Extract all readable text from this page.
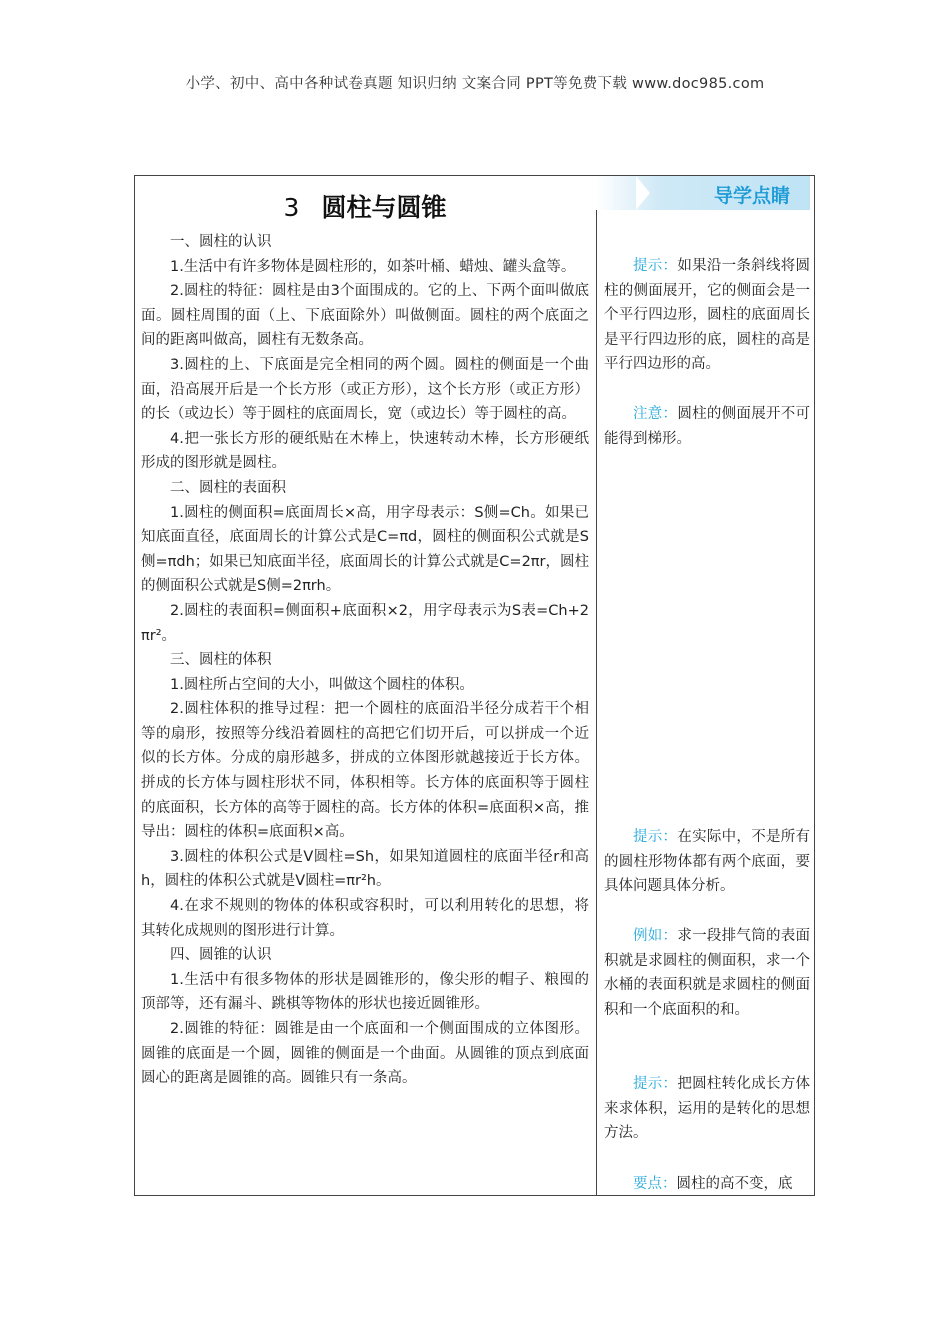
小学、初中、高中各种试卷真题 知识归纳 文案合同 PPT等免费下载 www.doc985.com
3 圆柱与圆锥

一、圆柱的认识

1.生活中有许多物体是圆柱形的，如茶叶桶、蜡烛、罐头盒等。

2.圆柱的特征：圆柱是由3个面围成的。它的上、下两个面叫做底面。圆柱周围的面（上、下底面除外）叫做侧面。圆柱的两个底面之间的距离叫做高，圆柱有无数条高。

3.圆柱的上、下底面是完全相同的两个圆。圆柱的侧面是一个曲面，沿高展开后是一个长方形（或正方形），这个长方形（或正方形）的长（或边长）等于圆柱的底面周长，宽（或边长）等于圆柱的高。

4.把一张长方形的硬纸贴在木棒上，快速转动木棒，长方形硬纸形成的图形就是圆柱。

二、圆柱的表面积

1.圆柱的侧面积=底面周长×高，用字母表示：S侧=Ch。如果已知底面直径，底面周长的计算公式是C=πd，圆柱的侧面积公式就是S侧=πdh；如果已知底面半径，底面周长的计算公式就是C=2πr，圆柱的侧面积公式就是S侧=2πrh。

2.圆柱的表面积=侧面积+底面积×2，用字母表示为S表=Ch+2πr²。

三、圆柱的体积

1.圆柱所占空间的大小，叫做这个圆柱的体积。

2.圆柱体积的推导过程：把一个圆柱的底面沿半径分成若干个相等的扇形，按照等分线沿着圆柱的高把它们切开后，可以拼成一个近似的长方体。分成的扇形越多，拼成的立体图形就越接近于长方体。拼成的长方体与圆柱形状不同，体积相等。长方体的底面积等于圆柱的底面积，长方体的高等于圆柱的高。长方体的体积=底面积×高，推导出：圆柱的体积=底面积×高。

3.圆柱的体积公式是V圆柱=Sh，如果知道圆柱的底面半径r和高h，圆柱的体积公式就是V圆柱=πr²h。

4.在求不规则的物体的体积或容积时，可以利用转化的思想，将其转化成规则的图形进行计算。

四、圆锥的认识

1.生活中有很多物体的形状是圆锥形的，像尖形的帽子、粮囤的顶部等，还有漏斗、跳棋等物体的形状也接近圆锥形。

2.圆锥的特征：圆锥是由一个底面和一个侧面围成的立体图形。圆锥的底面是一个圆，圆锥的侧面是一个曲面。从圆锥的顶点到底面圆心的距离是圆锥的高。圆锥只有一条高。

导学点睛

提示：如果沿一条斜线将圆柱的侧面展开，它的侧面会是一个平行四边形，圆柱的底面周长是平行四边形的底，圆柱的高是平行四边形的高。

注意：圆柱的侧面展开不可能得到梯形。

提示：在实际中，不是所有的圆柱形物体都有两个底面，要具体问题具体分析。

例如：求一段排气筒的表面积就是求圆柱的侧面积，求一个水桶的表面积就是求圆柱的侧面积和一个底面积的和。

提示：把圆柱转化成长方体来求体积，运用的是转化的思想方法。

要点：圆柱的高不变，底
